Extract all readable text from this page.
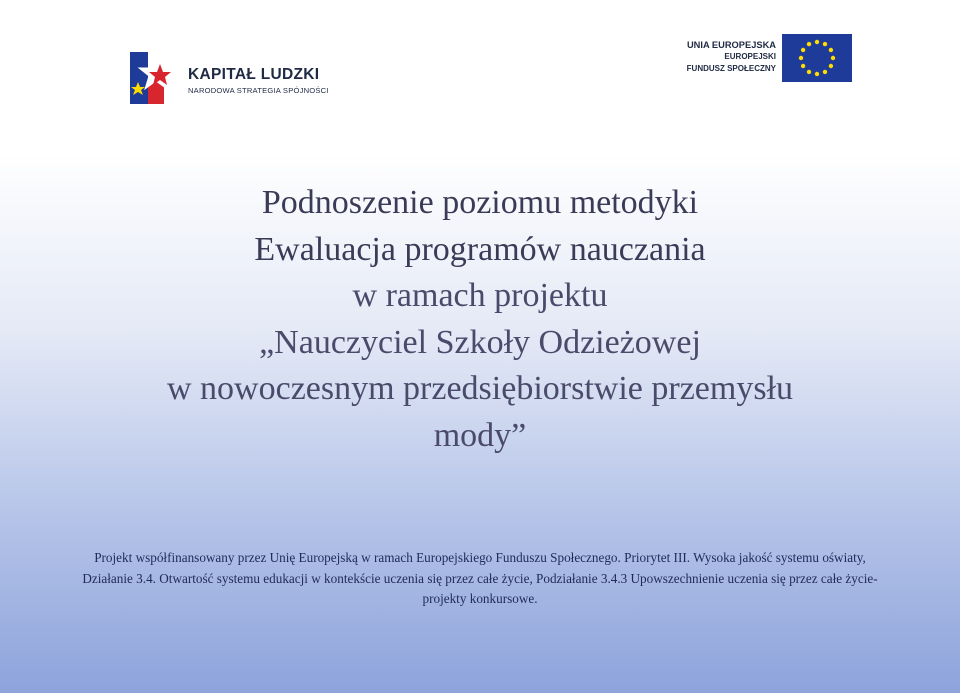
KAPITAŁ LUDZKI
NARODOWA STRATEGIA SPÓJNOŚCI
UNIA EUROPEJSKA
EUROPEJSKI
FUNDUSZ SPOŁECZNY
Podnoszenie poziomu metodyki
Ewaluacja programów nauczania
w ramach projektu
„Nauczyciel Szkoły Odzieżowej
w nowoczesnym przedsiębiorstwie przemysłu
mody”
Projekt współfinansowany przez Unię Europejską w ramach Europejskiego Funduszu Społecznego. Priorytet III. Wysoka jakość systemu oświaty, Działanie 3.4. Otwartość systemu edukacji w kontekście uczenia się przez całe życie, Podziałanie 3.4.3 Upowszechnienie uczenia się przez całe życie- projekty konkursowe.
